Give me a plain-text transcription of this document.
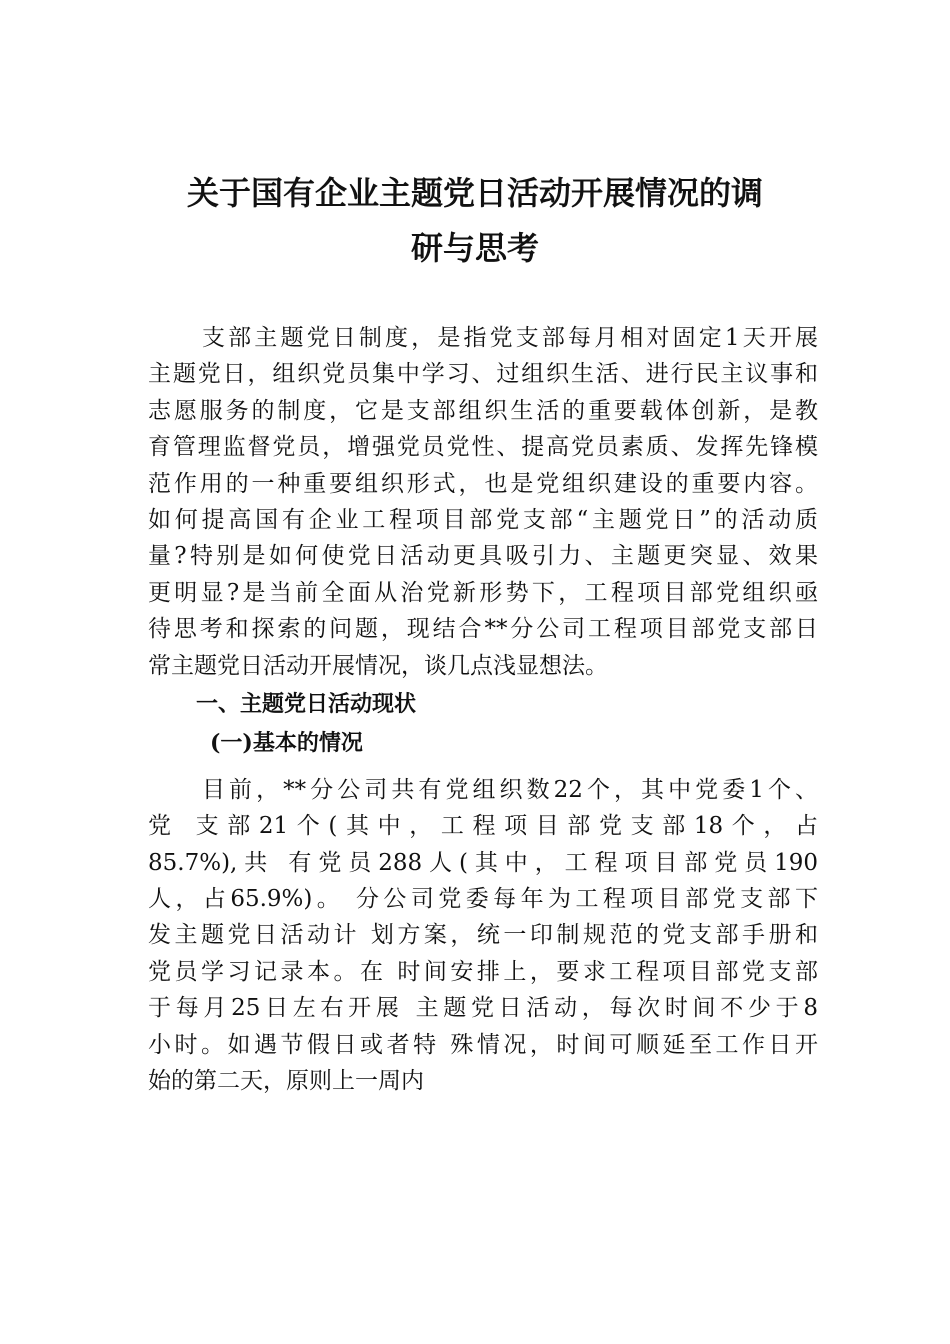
关于国有企业主题党日活动开展情况的调
研与思考
支部主题党日制度，是指党支部每月相对固定1天开展
主题党日，组织党员集中学习、过组织生活、进行民主议事和
志愿服务的制度，它是支部组织生活的重要载体创新，是教
育管理监督党员，增强党员党性、提高党员素质、发挥先锋模
范作用的一种重要组织形式，也是党组织建设的重要内容。
如何提高国有企业工程项目部党支部“主题党日”的活动质
量?特别是如何使党日活动更具吸引力、主题更突显、效果
更明显?是当前全面从治党新形势下，工程项目部党组织亟
待思考和探索的问题，现结合**分公司工程项目部党支部日
常主题党日活动开展情况，谈几点浅显想法。
一、主题党日活动现状
(一)基本的情况
目前，**分公司共有党组织数22个，其中党委1个、
党 支部21个(其中，工程项目部党支部18个，占
85.7%),共 有党员288人(其中，工程项目部党员190
人，占65.9%)。 分公司党委每年为工程项目部党支部下
发主题党日活动计 划方案，统一印制规范的党支部手册和
党员学习记录本。在 时间安排上，要求工程项目部党支部
于每月25日左右开展 主题党日活动，每次时间不少于8
小时。如遇节假日或者特 殊情况，时间可顺延至工作日开
始的第二天，原则上一周内
